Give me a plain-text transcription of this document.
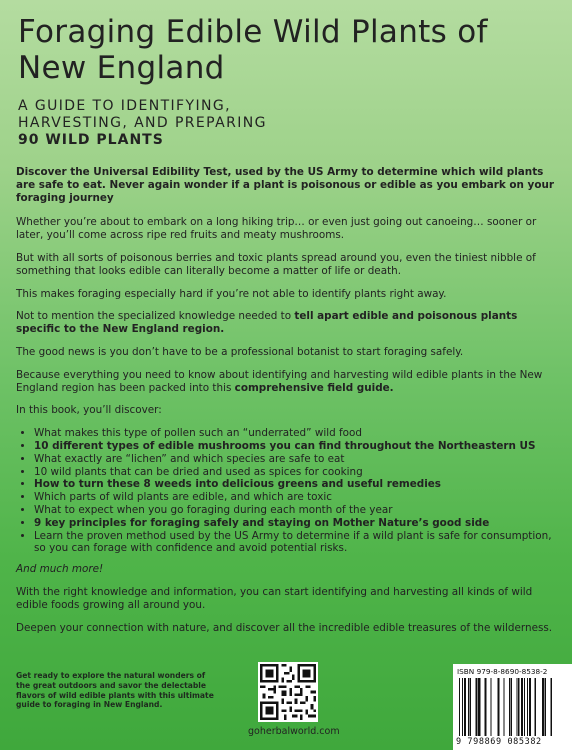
Foraging Edible Wild Plants of New England
A GUIDE TO IDENTIFYING,
HARVESTING, AND PREPARING
90 WILD PLANTS

Discover the Universal Edibility Test, used by the US Army to determine which wild plants are safe to eat. Never again wonder if a plant is poisonous or edible as you embark on your foraging journey

Whether you’re about to embark on a long hiking trip… or even just going out canoeing… sooner or later, you’ll come across ripe red fruits and meaty mushrooms.

But with all sorts of poisonous berries and toxic plants spread around you, even the tiniest nibble of something that looks edible can literally become a matter of life or death.

This makes foraging especially hard if you’re not able to identify plants right away.

Not to mention the specialized knowledge needed to tell apart edible and poisonous plants specific to the New England region.

The good news is you don’t have to be a professional botanist to start foraging safely.

Because everything you need to know about identifying and harvesting wild edible plants in the New England region has been packed into this comprehensive field guide.

In this book, you’ll discover:

• What makes this type of pollen such an “underrated” wild food
• 10 different types of edible mushrooms you can find throughout the Northeastern US
• What exactly are “lichen” and which species are safe to eat
• 10 wild plants that can be dried and used as spices for cooking
• How to turn these 8 weeds into delicious greens and useful remedies
• Which parts of wild plants are edible, and which are toxic
• What to expect when you go foraging during each month of the year
• 9 key principles for foraging safely and staying on Mother Nature’s good side
• Learn the proven method used by the US Army to determine if a wild plant is safe for consumption, so you can forage with confidence and avoid potential risks.

And much more!

With the right knowledge and information, you can start identifying and harvesting all kinds of wild edible foods growing all around you.

Deepen your connection with nature, and discover all the incredible edible treasures of the wilderness.

Get ready to explore the natural wonders of the great outdoors and savor the delectable flavors of wild edible plants with this ultimate guide to foraging in New England.
goherbalworld.com
ISBN 979-8-8690-8538-2
9 798869 085382
